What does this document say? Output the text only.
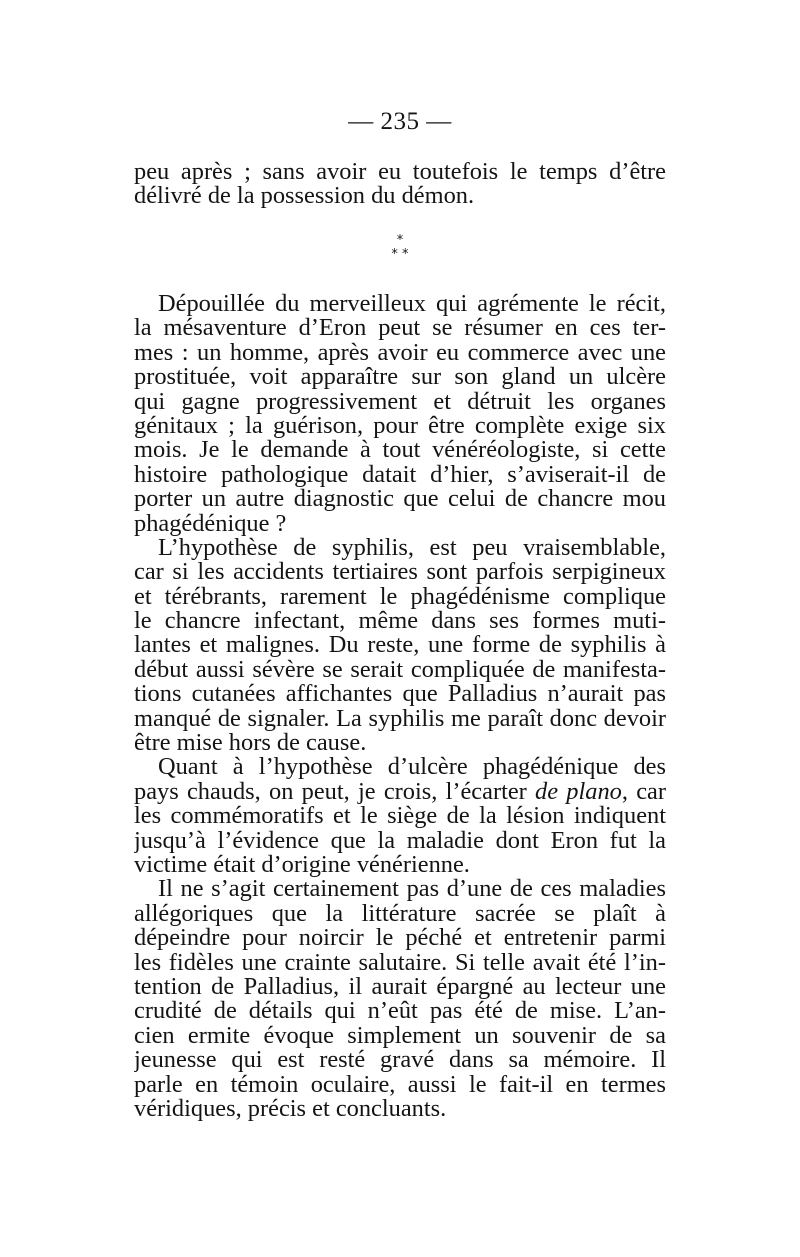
— 235 —
peu après ; sans avoir eu toutefois le temps d’être
délivré de la possession du démon.
*
* *
Dépouillée du merveilleux qui agrémente le récit,
la mésaventure d’Eron peut se résumer en ces ter-
mes : un homme, après avoir eu commerce avec une
prostituée, voit apparaître sur son gland un ulcère
qui gagne progressivement et détruit les organes
génitaux ; la guérison, pour être complète exige six
mois. Je le demande à tout vénéréologiste, si cette
histoire pathologique datait d’hier, s’aviserait-il de
porter un autre diagnostic que celui de chancre mou
phagédénique ?
L’hypothèse de syphilis, est peu vraisemblable,
car si les accidents tertiaires sont parfois serpigineux
et térébrants, rarement le phagédénisme complique
le chancre infectant, même dans ses formes muti-
lantes et malignes. Du reste, une forme de syphilis à
début aussi sévère se serait compliquée de manifesta-
tions cutanées affichantes que Palladius n’aurait pas
manqué de signaler. La syphilis me paraît donc devoir
être mise hors de cause.
Quant à l’hypothèse d’ulcère phagédénique des
pays chauds, on peut, je crois, l’écarter de plano, car
les commémoratifs et le siège de la lésion indiquent
jusqu’à l’évidence que la maladie dont Eron fut la
victime était d’origine vénérienne.
Il ne s’agit certainement pas d’une de ces maladies
allégoriques que la littérature sacrée se plaît à
dépeindre pour noircir le péché et entretenir parmi
les fidèles une crainte salutaire. Si telle avait été l’in-
tention de Palladius, il aurait épargné au lecteur une
crudité de détails qui n’eût pas été de mise. L’an-
cien ermite évoque simplement un souvenir de sa
jeunesse qui est resté gravé dans sa mémoire. Il
parle en témoin oculaire, aussi le fait-il en termes
véridiques, précis et concluants.
